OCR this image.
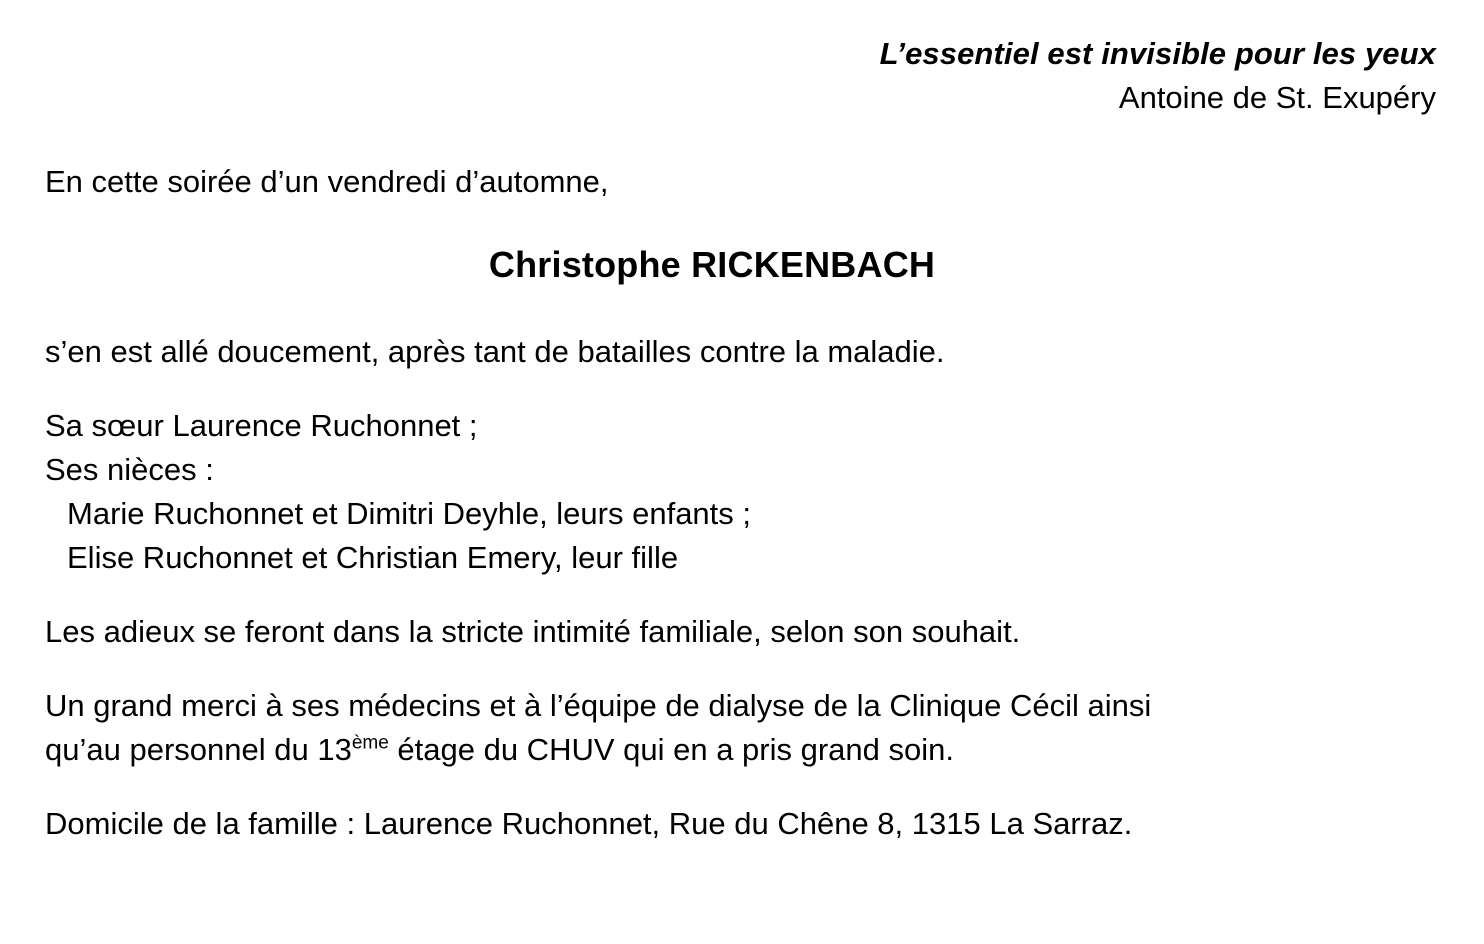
L’essentiel est invisible pour les yeux
Antoine de St. Exupéry
En cette soirée d’un vendredi d’automne,
Christophe RICKENBACH
s’en est allé doucement, après tant de batailles contre la maladie.
Sa sœur Laurence Ruchonnet ;
Ses nièces :
Marie Ruchonnet et Dimitri Deyhle, leurs enfants ;
Elise Ruchonnet et Christian Emery, leur fille
Les adieux se feront dans la stricte intimité familiale, selon son souhait.
Un grand merci à ses médecins et à l’équipe de dialyse de la Clinique Cécil ainsi
qu’au personnel du 13ème étage du CHUV qui en a pris grand soin.
Domicile de la famille : Laurence Ruchonnet, Rue du Chêne 8, 1315 La Sarraz.
